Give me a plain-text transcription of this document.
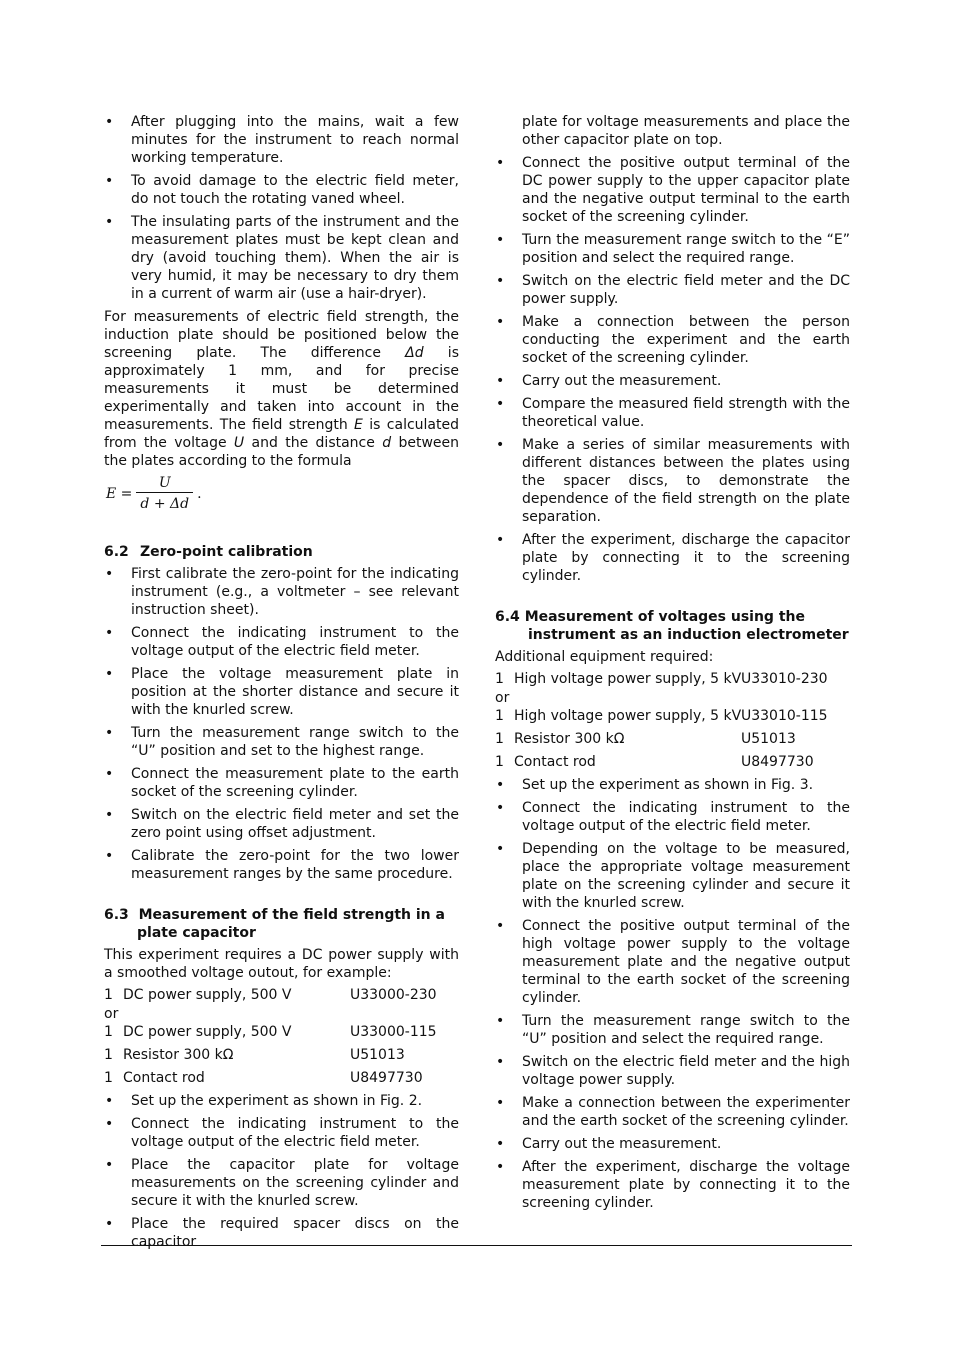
• After plugging into the mains, wait a few minutes for the instrument to reach normal working temperature.
• To avoid damage to the electric field meter, do not touch the rotating vaned wheel.
• The insulating parts of the instrument and the measurement plates must be kept clean and dry (avoid touching them). When the air is very humid, it may be necessary to dry them in a current of warm air (use a hair-dryer).

For measurements of electric field strength, the induction plate should be positioned below the screening plate. The difference Δd is approximately 1 mm, and for precise measurements it must be determined experimentally and taken into account in the measurements. The field strength E is calculated from the voltage U and the distance d between the plates according to the formula

$E = \frac{U}{d + \Delta d}$ .
6.2 Zero-point calibration
• First calibrate the zero-point for the indicating instrument (e.g., a voltmeter – see relevant instruction sheet).
• Connect the indicating instrument to the voltage output of the electric field meter.
• Place the voltage measurement plate in position at the shorter distance and secure it with the knurled screw.
• Turn the measurement range switch to the “U” position and set to the highest range.
• Connect the measurement plate to the earth socket of the screening cylinder.
• Switch on the electric field meter and set the zero point using offset adjustment.
• Calibrate the zero-point for the two lower measurement ranges by the same procedure.
6.3 Measurement of the field strength in a plate capacitor

This experiment requires a DC power supply with a smoothed voltage outout, for example:

1 DC power supply, 500 V	U33000-230
or
1 DC power supply, 500 V	U33000-115
1 Resistor 300 kΩ	U51013
1 Contact rod	U8497730
• Set up the experiment as shown in Fig. 2.
• Connect the indicating instrument to the voltage output of the electric field meter.
• Place the capacitor plate for voltage measurements on the screening cylinder and secure it with the knurled screw.
• Place the required spacer discs on the capacitor
plate for voltage measurements and place the other capacitor plate on top.
• Connect the positive output terminal of the DC power supply to the upper capacitor plate and the negative output terminal to the earth socket of the screening cylinder.
• Turn the measurement range switch to the “E” position and select the required range.
• Switch on the electric field meter and the DC power supply.
• Make a connection between the person conducting the experiment and the earth socket of the screening cylinder.
• Carry out the measurement.
• Compare the measured field strength with the theoretical value.
• Make a series of similar measurements with different distances between the plates using the spacer discs, to demonstrate the dependence of the field strength on the plate separation.
• After the experiment, discharge the capacitor plate by connecting it to the screening cylinder.
6.4 Measurement of voltages using the instrument as an induction electrometer

Additional equipment required:

1 High voltage power supply, 5 kV U33010-230
or
1 High voltage power supply, 5 kV U33010-115
1 Resistor 300 kΩ	U51013
1 Contact rod	U8497730
• Set up the experiment as shown in Fig. 3.
• Connect the indicating instrument to the voltage output of the electric field meter.
• Depending on the voltage to be measured, place the appropriate voltage measurement plate on the screening cylinder and secure it with the knurled screw.
• Connect the positive output terminal of the high voltage power supply to the voltage measurement plate and the negative output terminal to the earth socket of the screening cylinder.
• Turn the measurement range switch to the “U” position and select the required range.
• Switch on the electric field meter and the high voltage power supply.
• Make a connection between the experimenter and the earth socket of the screening cylinder.
• Carry out the measurement.
• After the experiment, discharge the voltage measurement plate by connecting it to the screening cylinder.
